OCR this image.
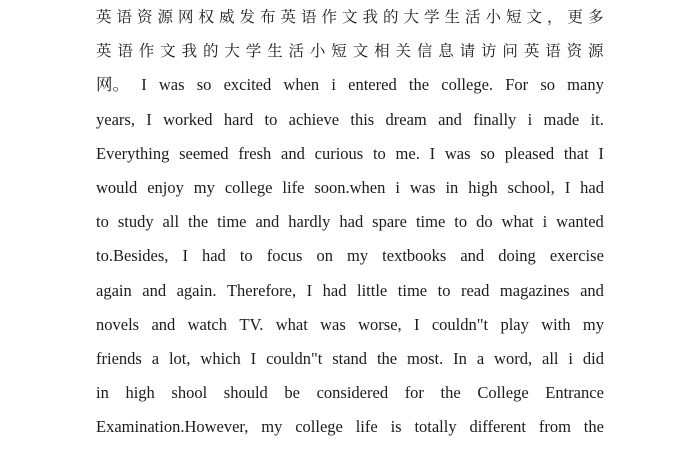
英 语 资 源 网 权 威 发 布 英 语 作 文 我 的 大 学 生 活 小 短 文 ， 更 多
英 语 作 文 我 的 大 学 生 活 小 短 文 相 关 信 息 请 访 问 英 语 资 源
网。 I was so excited when i entered the college. For so many
years, I worked hard to achieve this dream and finally i made it.
Everything seemed fresh and curious to me. I was so pleased that I
would enjoy my college life soon.when i was in high school, I had
to study all the time and hardly had spare time to do what i wanted
to.Besides, I had to focus on my textbooks and doing exercise
again and again. Therefore, I had little time to read magazines and
novels and watch TV. what was worse, I couldn"t play with my
friends a lot, which I couldn"t stand the most. In a word, all i did
in high shool should be considered for the College Entrance
Examination.However, my college life is totally different from the
